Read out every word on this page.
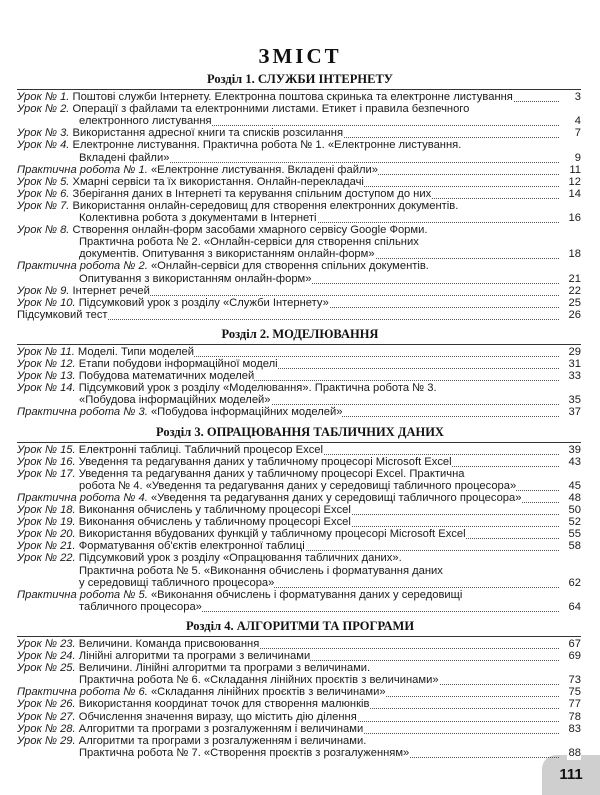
ЗМІСТ
111
Розділ 1. СЛУЖБИ ІНТЕРНЕТУ
Урок № 1. Поштові служби Інтернету. Електронна поштова скринька та електронне листування	3
Урок № 2. Операції з файлами та електронними листами. Етикет і правила безпечного
електронного листування	4
Урок № 3. Використання адресної книги та списків розсилання	7
Урок № 4. Електронне листування. Практична робота № 1. «Електронне листування.
Вкладені файли»	9
Практична робота № 1. «Електронне листування. Вкладені файли»	11
Урок № 5. Хмарні сервіси та їх використання. Онлайн-перекладачі	12
Урок № 6. Зберігання даних в Інтернеті та керування спільним доступом до них	14
Урок № 7. Використання онлайн-середовищ для створення електронних документів.
Колективна робота з документами в Інтернеті	16
Урок № 8. Створення онлайн-форм засобами хмарного сервісу Google Форми.
Практична робота № 2. «Онлайн-сервіси для створення спільних
документів. Опитування з використанням онлайн-форм»	18
Практична робота № 2. «Онлайн-сервіси для створення спільних документів.
Опитування з використанням онлайн-форм»	21
Урок № 9. Інтернет речей	22
Урок № 10. Підсумковий урок з розділу «Служби Інтернету»	25
Підсумковий тест	26
Розділ 2. МОДЕЛЮВАННЯ
Урок № 11. Моделі. Типи моделей	29
Урок № 12. Етапи побудови інформаційної моделі	31
Урок № 13. Побудова математичних моделей	33
Урок № 14. Підсумковий урок з розділу «Моделювання». Практична робота № 3.
«Побудова інформаційних моделей»	35
Практична робота № 3. «Побудова інформаційних моделей»	37
Розділ 3. ОПРАЦЮВАННЯ ТАБЛИЧНИХ ДАНИХ
Урок № 15. Електронні таблиці. Табличний процесор Excel	39
Урок № 16. Уведення та редагування даних у табличному процесорі Microsoft Excel	43
Урок № 17. Уведення та редагування даних у табличному процесорі Excel. Практична
робота № 4. «Уведення та редагування даних у середовищі табличного процесора»	45
Практична робота № 4. «Уведення та редагування даних у середовищі табличного процесора»	48
Урок № 18. Виконання обчислень у табличному процесорі Excel	50
Урок № 19. Виконання обчислень у табличному процесорі Excel	52
Урок № 20. Використання вбудованих функцій у табличному процесорі Microsoft Excel	55
Урок № 21. Форматування об'єктів електронної таблиці	58
Урок № 22. Підсумковий урок з розділу «Опрацювання табличних даних».
Практична робота № 5. «Виконання обчислень і форматування даних
у середовищі табличного процесора»	62
Практична робота № 5. «Виконання обчислень і форматування даних у середовищі
табличного процесора»	64
Розділ 4. АЛГОРИТМИ ТА ПРОГРАМИ
Урок № 23. Величини. Команда присвоювання	67
Урок № 24. Лінійні алгоритми та програми з величинами	69
Урок № 25. Величини. Лінійні алгоритми та програми з величинами.
Практична робота № 6. «Складання лінійних проєктів з величинами»	73
Практична робота № 6. «Складання лінійних проєктів з величинами»	75
Урок № 26. Використання координат точок для створення малюнків	77
Урок № 27. Обчислення значення виразу, що містить дію ділення	78
Урок № 28. Алгоритми та програми з розгалуженням і величинами	83
Урок № 29. Алгоритми та програми з розгалуженням і величинами.
Практична робота № 7. «Створення проєктів з розгалуженням»	88
